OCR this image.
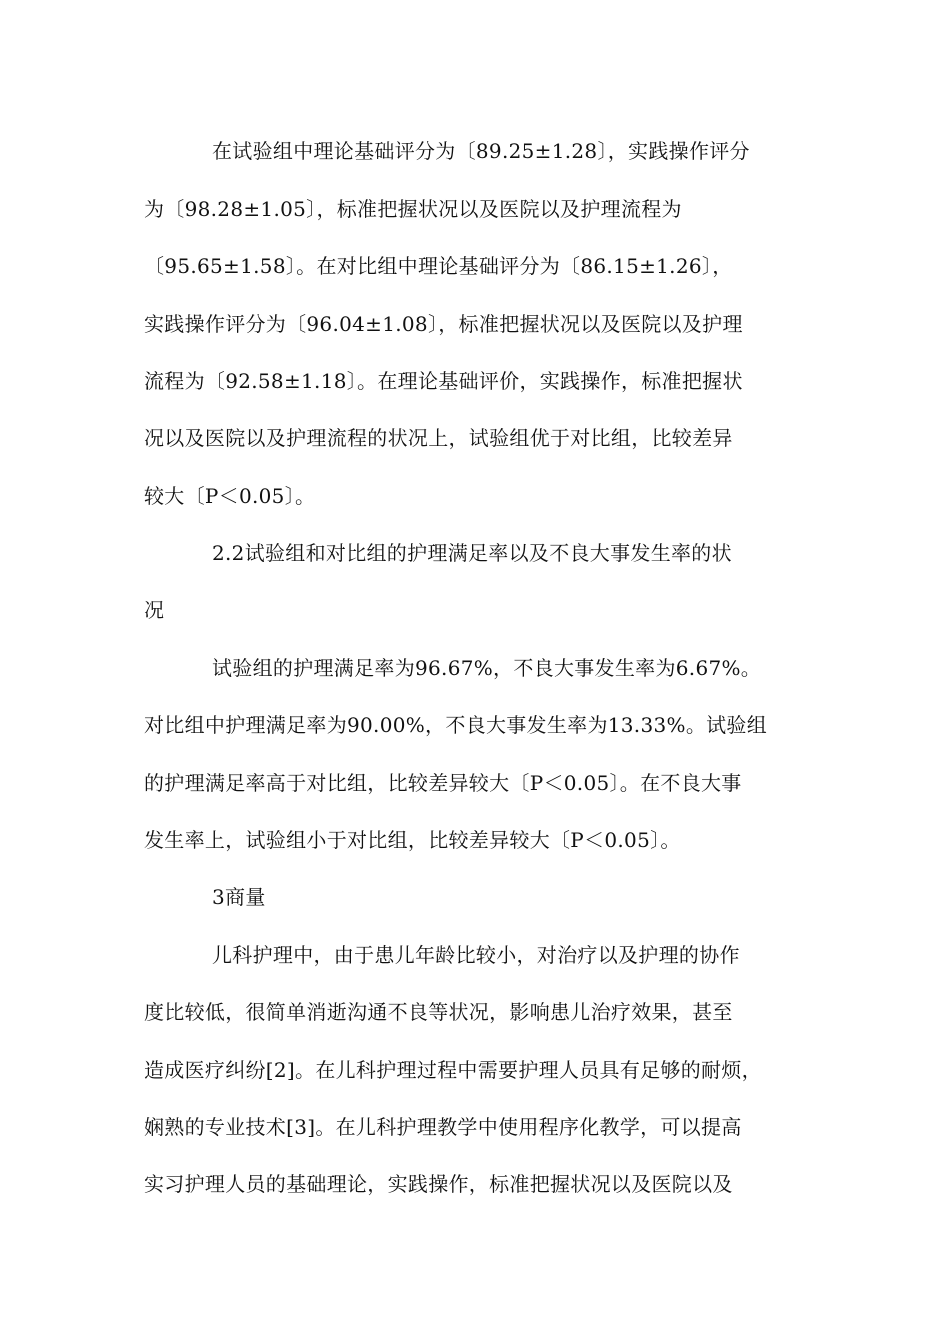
在试验组中理论基础评分为〔89.25±1.28〕，实践操作评分
为〔98.28±1.05〕，标准把握状况以及医院以及护理流程为
〔95.65±1.58〕。在对比组中理论基础评分为〔86.15±1.26〕，
实践操作评分为〔96.04±1.08〕，标准把握状况以及医院以及护理
流程为〔92.58±1.18〕。在理论基础评价，实践操作，标准把握状
况以及医院以及护理流程的状况上，试验组优于对比组，比较差异
较大〔P＜0.05〕。
2.2试验组和对比组的护理满足率以及不良大事发生率的状
况
试验组的护理满足率为96.67%，不良大事发生率为6.67%。
对比组中护理满足率为90.00%，不良大事发生率为13.33%。试验组
的护理满足率高于对比组，比较差异较大〔P＜0.05〕。在不良大事
发生率上，试验组小于对比组，比较差异较大〔P＜0.05〕。
3商量
儿科护理中，由于患儿年龄比较小，对治疗以及护理的协作
度比较低，很简单消逝沟通不良等状况，影响患儿治疗效果，甚至
造成医疗纠纷[2]。在儿科护理过程中需要护理人员具有足够的耐烦，
娴熟的专业技术[3]。在儿科护理教学中使用程序化教学，可以提高
实习护理人员的基础理论，实践操作，标准把握状况以及医院以及
